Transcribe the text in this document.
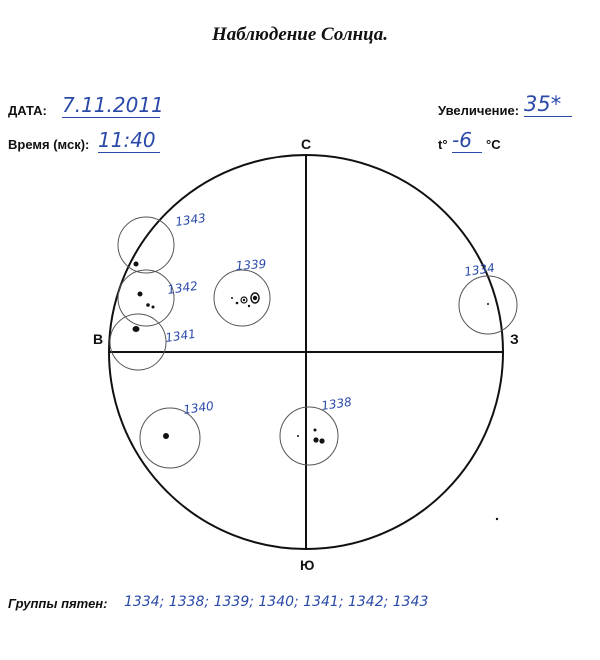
Наблюдение Солнца.
ДАТА: 7.11.2011
Время (мск): 11:40
Увеличение: 35*
t° -6	°C
1343
1342
1341
1339	1334
1340	1338
С
Ю
В	З
Группы пятен: 1334; 1338; 1339; 1340; 1341; 1342; 1343
